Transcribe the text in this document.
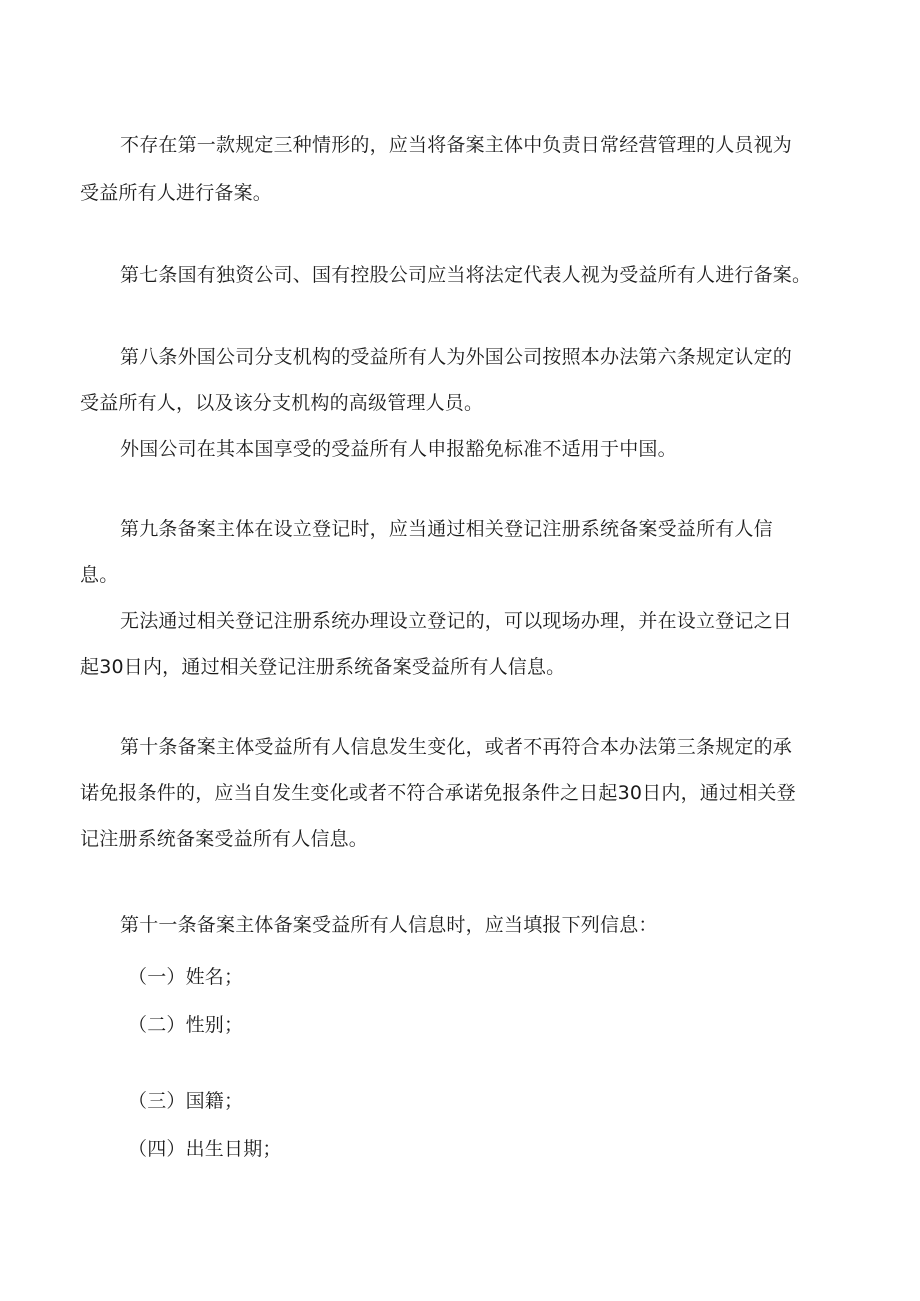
不存在第一款规定三种情形的，应当将备案主体中负责日常经营管理的人员视为
受益所有人进行备案。
第七条国有独资公司、国有控股公司应当将法定代表人视为受益所有人进行备案。
第八条外国公司分支机构的受益所有人为外国公司按照本办法第六条规定认定的
受益所有人，以及该分支机构的高级管理人员。
外国公司在其本国享受的受益所有人申报豁免标准不适用于中国。
第九条备案主体在设立登记时，应当通过相关登记注册系统备案受益所有人信
息。
无法通过相关登记注册系统办理设立登记的，可以现场办理，并在设立登记之日
起30日内，通过相关登记注册系统备案受益所有人信息。
第十条备案主体受益所有人信息发生变化，或者不再符合本办法第三条规定的承
诺免报条件的，应当自发生变化或者不符合承诺免报条件之日起30日内，通过相关登
记注册系统备案受益所有人信息。
第十一条备案主体备案受益所有人信息时，应当填报下列信息：
（一）姓名；
（二）性别；
（三）国籍；
（四）出生日期；
